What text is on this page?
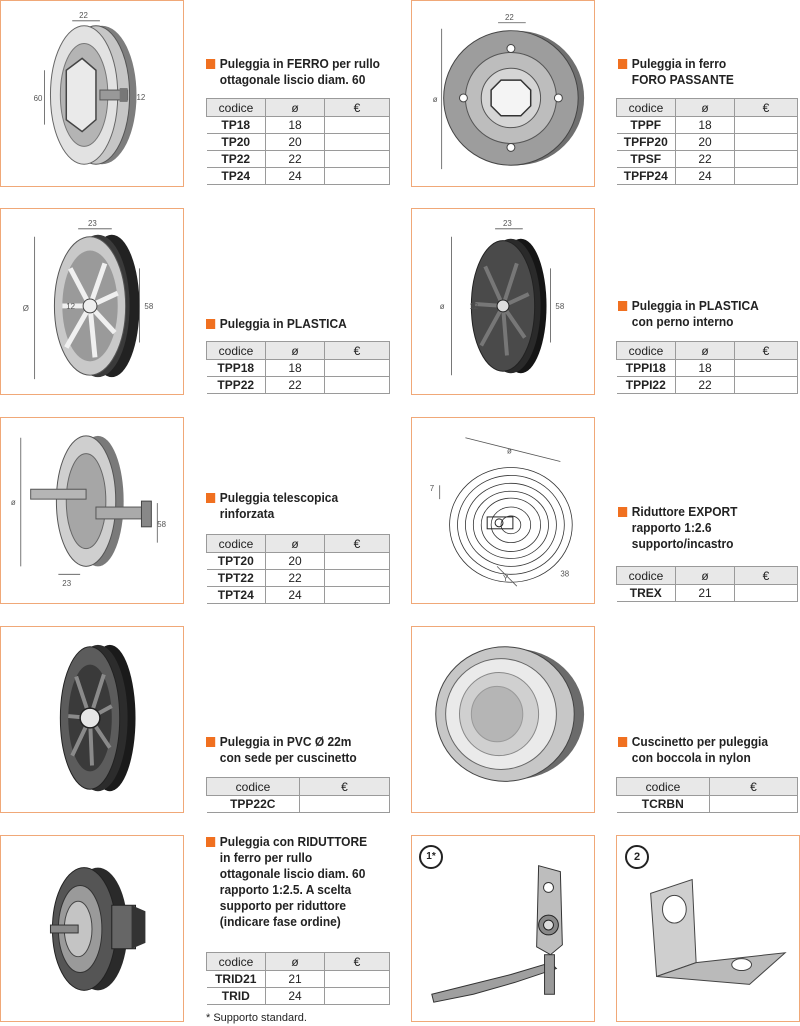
22
60	12
Puleggia in FERRO per rullo
ottagonale liscio diam. 60
codice	ø	€
TP18	18	
TP20	20	
TP22	22	
TP24	24	
22
ø
Puleggia in ferro
FORO PASSANTE
codice	ø	€
TPPF	18	
TPFP20	20	
TPSF	22	
TPFP24	24	
23
Ø	58
12
Puleggia in PLASTICA
codice	ø	€
TPP18	18	
TPP22	22	
23
ø	58
12	Puleggia in PLASTICA
con perno interno
codice	ø	€
TPPI18	18	
TPPI22	22	
ø
58
23
Puleggia telescopica
rinforzata
codice	ø	€
TPT20	20	
TPT22	22	
TPT24	24	
ø
7
Y
38
Riduttore EXPORT
rapporto 1:2.6
supporto/incastro
codice	ø	€
TREX	21	
Puleggia in PVC Ø 22m
con sede per cuscinetto
codice	€
TPP22C	
Cuscinetto per puleggia
con boccola in nylon
codice	€
TCRBN	
Puleggia con RIDUTTORE
in ferro per rullo
ottagonale liscio diam. 60
rapporto 1:2.5. A scelta
supporto per riduttore
(indicare fase ordine)
codice	ø	€
TRID21	21	
TRID	24	
* Supporto standard.
1*	2
